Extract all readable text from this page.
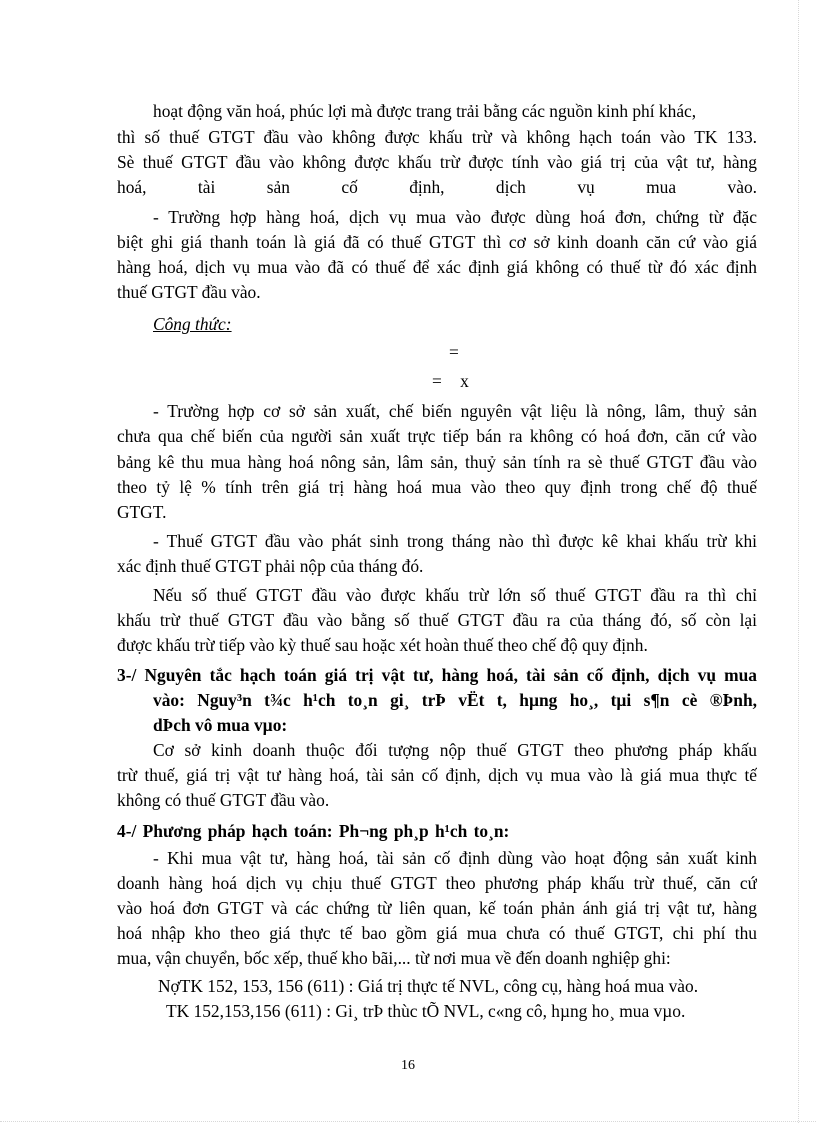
hoạt động văn hoá, phúc lợi mà được trang trải bằng các nguồn kinh phí khác,
thì số thuế GTGT đầu vào không được khấu trừ và không hạch toán vào TK 133.
Sè thuế GTGT đầu vào không được khấu trừ được tính vào giá trị của vật tư, hàng
hoá, tài sản cố định, dịch vụ mua vào.
- Trường hợp hàng hoá, dịch vụ mua vào được dùng hoá đơn, chứng từ đặc
biệt ghi giá thanh toán là giá đã có thuế GTGT thì cơ sở kinh doanh căn cứ vào giá
hàng hoá, dịch vụ mua vào đã có thuế để xác định giá không có thuế từ đó xác định
thuế GTGT đầu vào.
Công thức:
=
= x
- Trường hợp cơ sở sản xuất, chế biến nguyên vật liệu là nông, lâm, thuỷ sản
chưa qua chế biến của người sản xuất trực tiếp bán ra không có hoá đơn, căn cứ vào
bảng kê thu mua hàng hoá nông sản, lâm sản, thuỷ sản tính ra sè thuế GTGT đầu vào
theo tỷ lệ % tính trên giá trị hàng hoá mua vào theo quy định trong chế độ thuế
GTGT.
- Thuế GTGT đầu vào phát sinh trong tháng nào thì được kê khai khấu trừ khi
xác định thuế GTGT phải nộp của tháng đó.
Nếu số thuế GTGT đầu vào được khấu trừ lớn số thuế GTGT đầu ra thì chỉ
khấu trừ thuế GTGT đầu vào bằng số thuế GTGT đầu ra của tháng đó, số còn lại
được khấu trừ tiếp vào kỳ thuế sau hoặc xét hoàn thuế theo chế độ quy định.
3-/ Nguyên tắc hạch toán giá trị vật tư, hàng hoá, tài sản cố định, dịch vụ mua
vào: Nguy³n t¾c h¹ch to¸n gi¸ trÞ vËt t, hµng ho¸, tµi s¶n cè ®Þnh,
dÞch vô mua vµo:
Cơ sở kinh doanh thuộc đối tượng nộp thuế GTGT theo phương pháp khấu
trừ thuế, giá trị vật tư hàng hoá, tài sản cố định, dịch vụ mua vào là giá mua thực tế
không có thuế GTGT đầu vào.
4-/ Phương pháp hạch toán: Ph¬ng ph¸p h¹ch to¸n:
- Khi mua vật tư, hàng hoá, tài sản cố định dùng vào hoạt động sản xuất kinh
doanh hàng hoá dịch vụ chịu thuế GTGT theo phương pháp khấu trừ thuế, căn cứ
vào hoá đơn GTGT và các chứng từ liên quan, kế toán phản ánh giá trị vật tư, hàng
hoá nhập kho theo giá thực tế bao gồm giá mua chưa có thuế GTGT, chi phí thu
mua, vận chuyển, bốc xếp, thuế kho bãi,... từ nơi mua về đến doanh nghiệp ghi:
NợTK 152, 153, 156 (611) : Giá trị thực tế NVL, công cụ, hàng hoá mua vào.
TK 152,153,156 (611) : Gi¸ trÞ thùc tÕ NVL, c«ng cô, hµng ho¸ mua vµo.
16
